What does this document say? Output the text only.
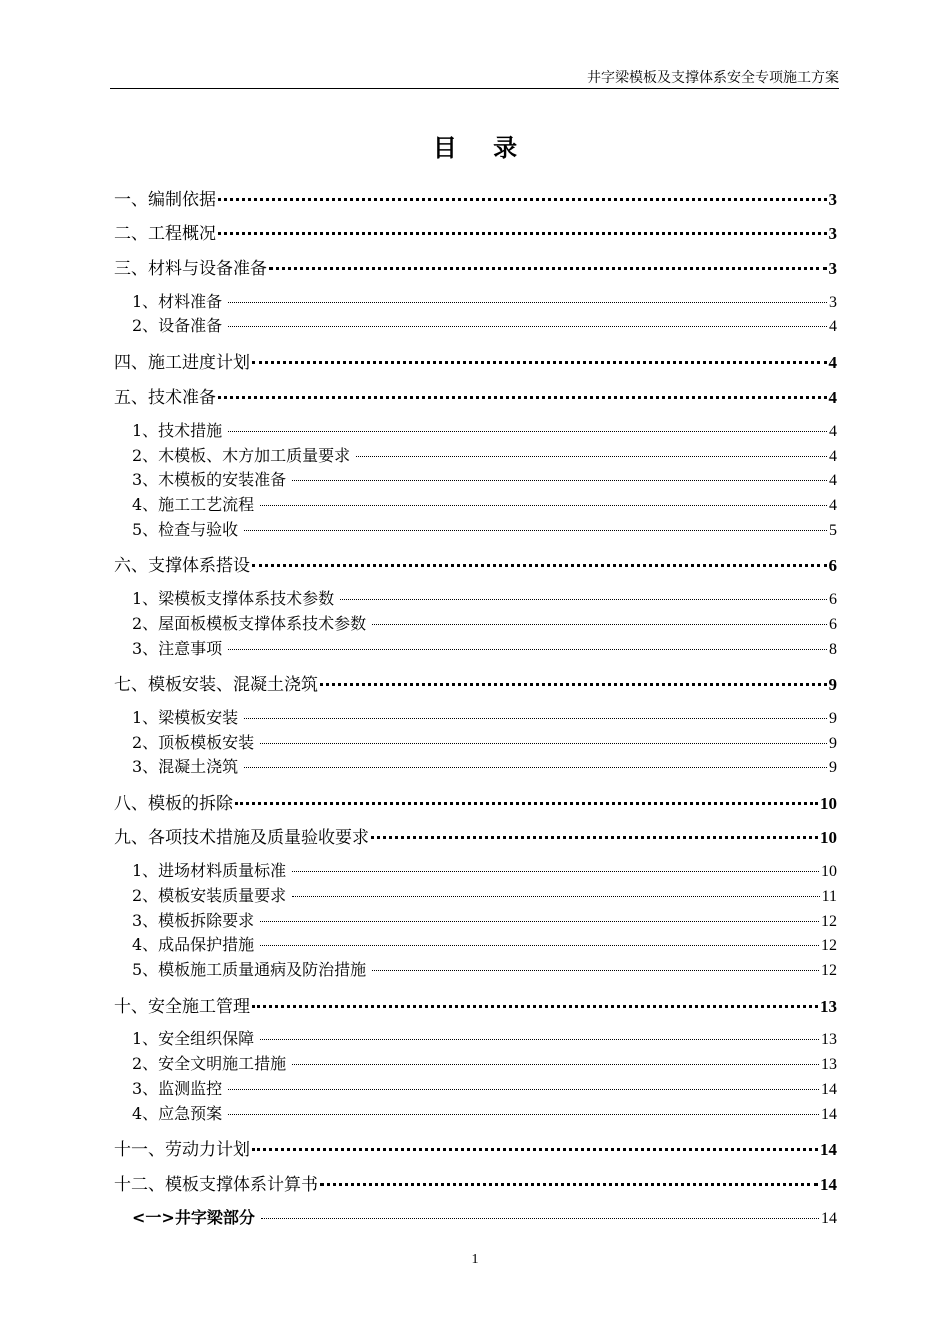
井字梁模板及支撑体系安全专项施工方案
目 录
一、编制依据	3
二、工程概况	3
三、材料与设备准备	3
1、材料准备	3
2、设备准备	4
四、施工进度计划	4
五、技术准备	4
1、技术措施	4
2、木模板、木方加工质量要求	4
3、木模板的安装准备	4
4、施工工艺流程	4
5、检查与验收	5
六、支撑体系搭设	6
1、梁模板支撑体系技术参数	6
2、屋面板模板支撑体系技术参数	6
3、注意事项	8
七、模板安装、混凝土浇筑	9
1、梁模板安装	9
2、顶板模板安装	9
3、混凝土浇筑	9
八、模板的拆除	10
九、各项技术措施及质量验收要求	10
1、进场材料质量标准	10
2、模板安装质量要求	11
3、模板拆除要求	12
4、成品保护措施	12
5、模板施工质量通病及防治措施	12
十、安全施工管理	13
1、安全组织保障	13
2、安全文明施工措施	13
3、监测监控	14
4、应急预案	14
十一、劳动力计划	14
十二、模板支撑体系计算书	14
<一>井字梁部分	14
1
